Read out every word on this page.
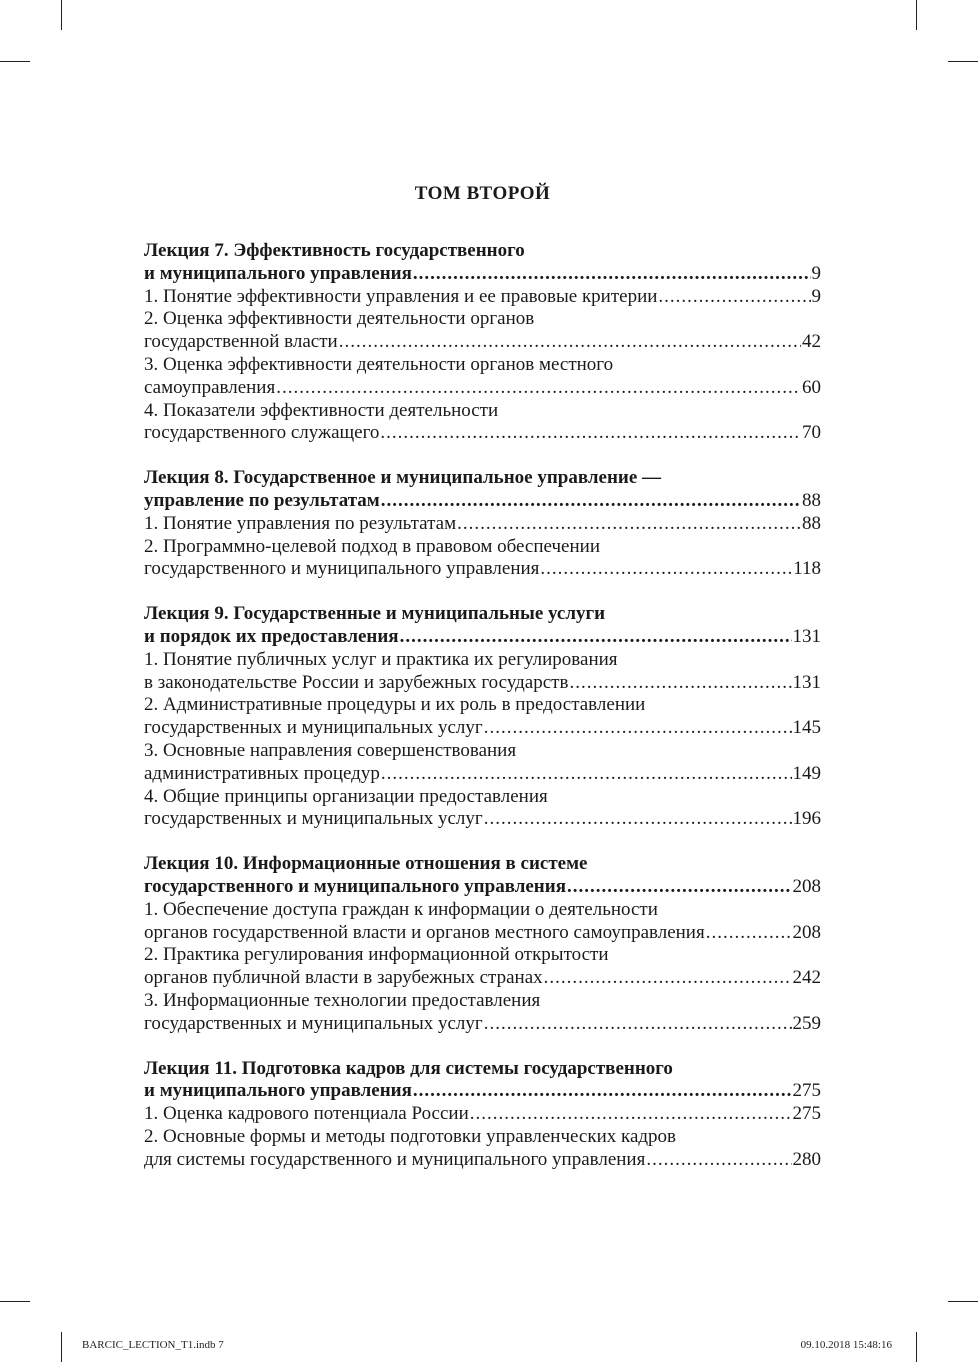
ТОМ ВТОРОЙ
Лекция 7. Эффективность государственного
и муниципального управления .....	9
1. Понятие эффективности управления и ее правовые критерии .....	9
2. Оценка эффективности деятельности органов
государственной власти .....	42
3. Оценка эффективности деятельности органов местного
самоуправления .....	60
4. Показатели эффективности деятельности
государственного служащего .....	70
Лекция 8. Государственное и муниципальное управление —
управление по результатам .....	88
1. Понятие управления по результатам .....	88
2. Программно-целевой подход в правовом обеспечении
государственного и муниципального управления .....	118
Лекция 9. Государственные и муниципальные услуги
и порядок их предоставления .....	131
1. Понятие публичных услуг и практика их регулирования
в законодательстве России и зарубежных государств .....	131
2. Административные процедуры и их роль в предоставлении
государственных и муниципальных услуг .....	145
3. Основные направления совершенствования
административных процедур .....	149
4. Общие принципы организации предоставления
государственных и муниципальных услуг .....	196
Лекция 10. Информационные отношения в системе
государственного и муниципального управления .....	208
1. Обеспечение доступа граждан к информации о деятельности
органов государственной власти и органов местного самоуправления .....	208
2. Практика регулирования информационной открытости
органов публичной власти в зарубежных странах .....	242
3. Информационные технологии предоставления
государственных и муниципальных услуг .....	259
Лекция 11. Подготовка кадров для системы государственного
и муниципального управления .....	275
1. Оценка кадрового потенциала России .....	275
2. Основные формы и методы подготовки управленческих кадров
для системы государственного и муниципального управления .....	280
BARCIC_LECTION_T1.indb 7	09.10.2018 15:48:16
